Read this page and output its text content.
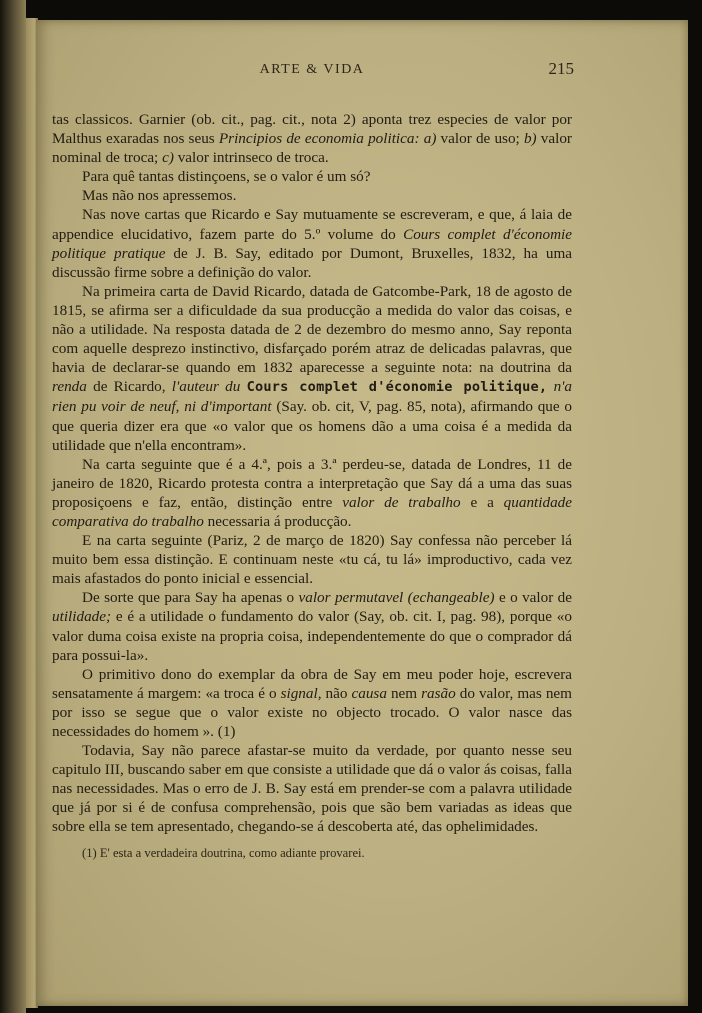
ARTE & VIDA	215

tas classicos. Garnier (ob. cit., pag. cit., nota 2) aponta trez especies de valor por Malthus exaradas nos seus Principios de economia politica: a) valor de uso; b) valor nominal de troca; c) valor intrinseco de troca.

Para quê tantas distinçoens, se o valor é um só?

Mas não nos apressemos.

Nas nove cartas que Ricardo e Say mutuamente se escreveram, e que, á laia de appendice elucidativo, fazem parte do 5.º volume do Cours complet d'économie politique pratique de J. B. Say, editado por Dumont, Bruxelles, 1832, ha uma discussão firme sobre a definição do valor.

Na primeira carta de David Ricardo, datada de Gatcombe-Park, 18 de agosto de 1815, se afirma ser a dificuldade da sua producção a medida do valor das coisas, e não a utilidade. Na resposta datada de 2 de dezembro do mesmo anno, Say reponta com aquelle desprezo instinctivo, disfarçado porém atraz de delicadas palavras, que havia de declarar-se quando em 1832 aparecesse a seguinte nota: na doutrina da renda de Ricardo, l'auteur du Cours complet d'économie politique, n'a rien pu voir de neuf, ni d'important (Say. ob. cit, V, pag. 85, nota), afirmando que o que queria dizer era que «o valor que os homens dão a uma coisa é a medida da utilidade que n'ella encontram».

Na carta seguinte que é a 4.ª, pois a 3.ª perdeu-se, datada de Londres, 11 de janeiro de 1820, Ricardo protesta contra a interpretação que Say dá a uma das suas proposiçoens e faz, então, distinção entre valor de trabalho e a quantidade comparativa do trabalho necessaria á producção.

E na carta seguinte (Pariz, 2 de março de 1820) Say confessa não perceber lá muito bem essa distinção. E continuam neste «tu cá, tu lá» improductivo, cada vez mais afastados do ponto inicial e essencial.

De sorte que para Say ha apenas o valor permutavel (echangeable) e o valor de utilidade; e é a utilidade o fundamento do valor (Say, ob. cit. I, pag. 98), porque «o valor duma coisa existe na propria coisa, independentemente do que o comprador dá para possui-la».

O primitivo dono do exemplar da obra de Say em meu poder hoje, escrevera sensatamente á margem: «a troca é o signal, não causa nem rasão do valor, mas nem por isso se segue que o valor existe no objecto trocado. O valor nasce das necessidades do homem ». (1)

Todavia, Say não parece afastar-se muito da verdade, por quanto nesse seu capitulo III, buscando saber em que consiste a utilidade que dá o valor ás coisas, falla nas necessidades. Mas o erro de J. B. Say está em prender-se com a palavra utilidade que já por si é de confusa comprehensão, pois que são bem variadas as ideas que sobre ella se tem apresentado, chegando-se á descoberta até, das ophelimidades.

(1) E' esta a verdadeira doutrina, como adiante provarei.
